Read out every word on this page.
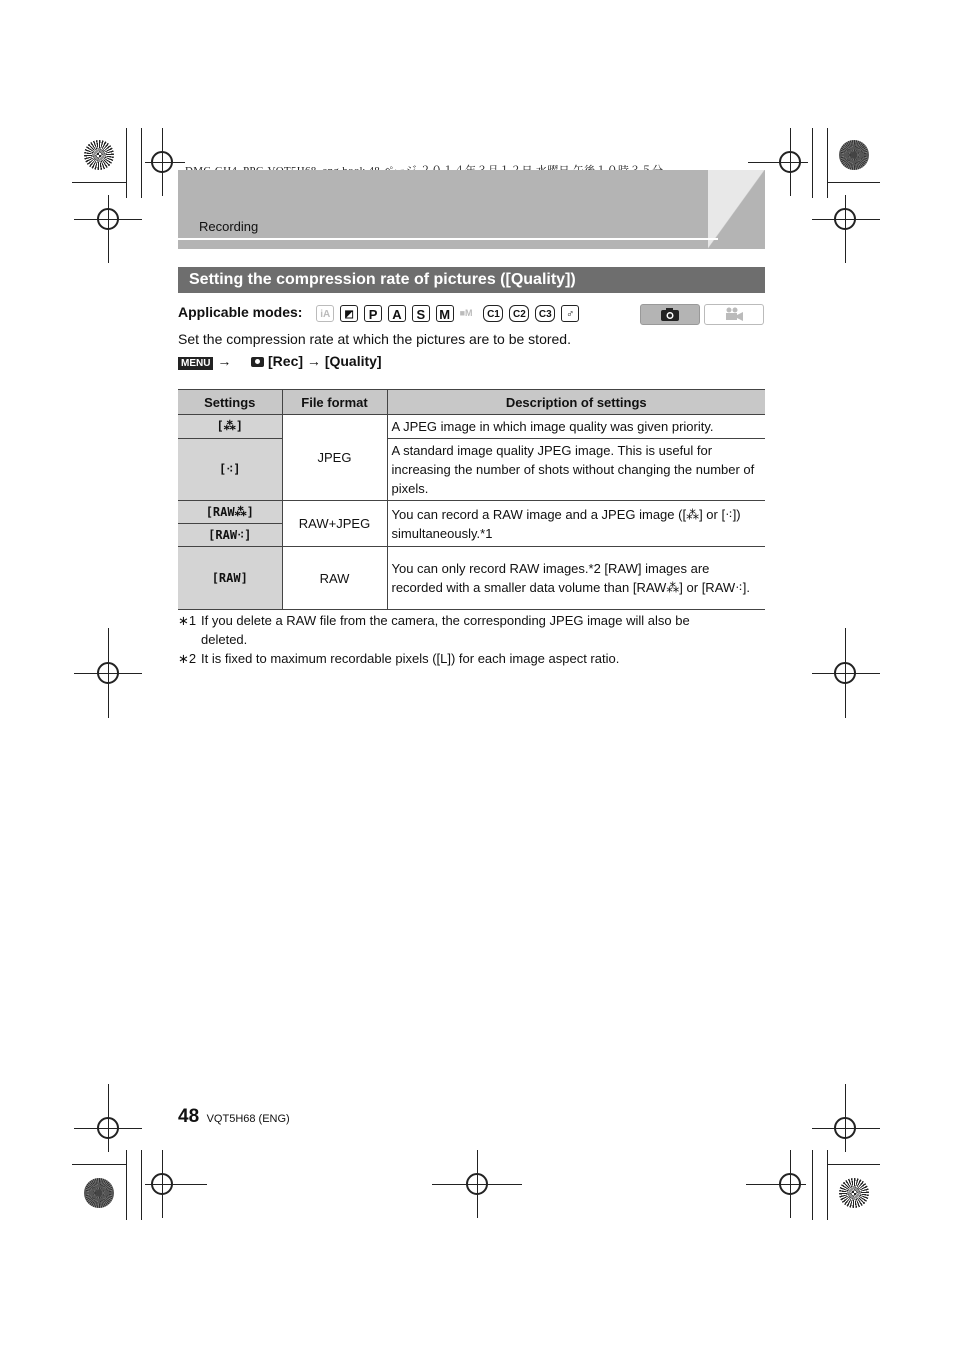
Recording
Setting the compression rate of pictures ([Quality])
Applicable modes: iA ◩ P A S M ■M C1 C2 C3 ♂
Set the compression rate at which the pictures are to be stored.
MENU →	[Rec] → [Quality]
Settings	File format	Description of settings
[⁂]	JPEG	A JPEG image in which image quality was given priority.
[⁖]		A standard image quality JPEG image. This is useful for increasing the number of shots without changing the number of pixels.
[RAW⁂]	RAW+JPEG	You can record a RAW image and a JPEG image ([⁂] or [⁖]) simultaneously.*1
[RAW⁖]		
[RAW]	RAW	You can only record RAW images.*2 [RAW] images are recorded with a smaller data volume than [RAW⁂] or [RAW⁖].
∗1 If you delete a RAW file from the camera, the corresponding JPEG image will also be deleted.
∗2 It is fixed to maximum recordable pixels ([L]) for each image aspect ratio.
48 VQT5H68 (ENG)
